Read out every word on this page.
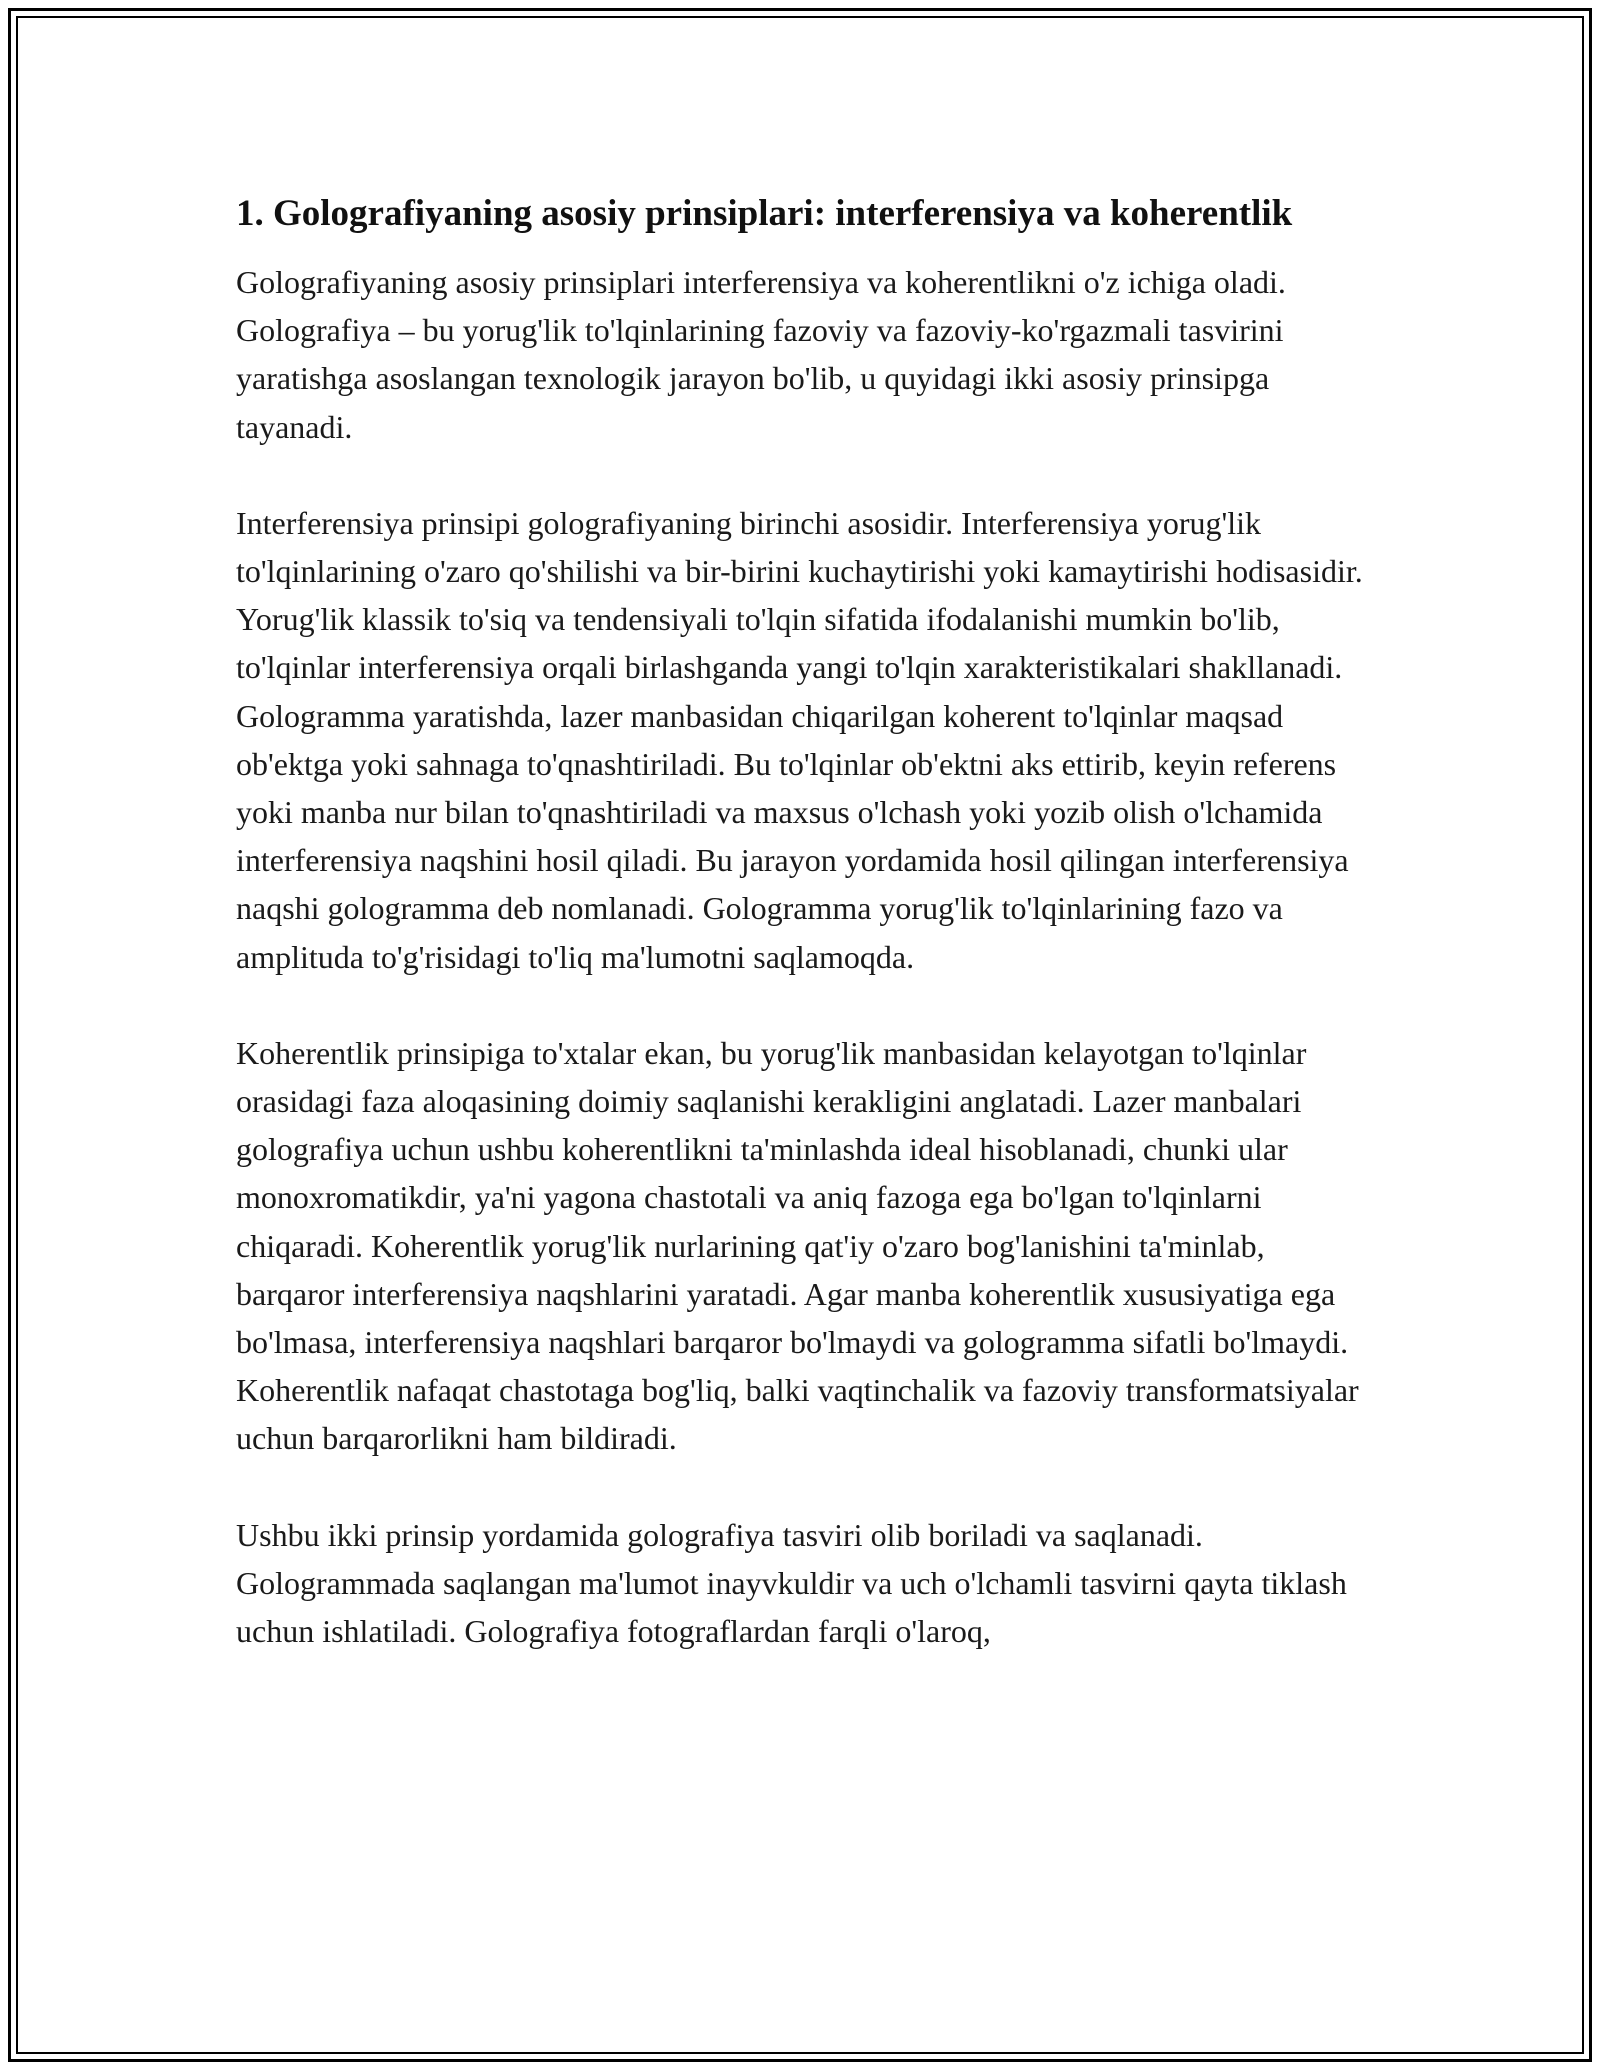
1. Golografiyaning asosiy prinsiplari: interferensiya va koherentlik

Golografiyaning asosiy prinsiplari interferensiya va koherentlikni o'z ichiga oladi. Golografiya – bu yorug'lik to'lqinlarining fazoviy va fazoviy-ko'rgazmali tasvirini yaratishga asoslangan texnologik jarayon bo'lib, u quyidagi ikki asosiy prinsipga tayanadi.

Interferensiya prinsipi golografiyaning birinchi asosidir. Interferensiya yorug'lik to'lqinlarining o'zaro qo'shilishi va bir-birini kuchaytirishi yoki kamaytirishi hodisasidir. Yorug'lik klassik to'siq va tendensiyali to'lqin sifatida ifodalanishi mumkin bo'lib, to'lqinlar interferensiya orqali birlashganda yangi to'lqin xarakteristikalari shakllanadi. Gologramma yaratishda, lazer manbasidan chiqarilgan koherent to'lqinlar maqsad ob'ektga yoki sahnaga to'qnashtiriladi. Bu to'lqinlar ob'ektni aks ettirib, keyin referens yoki manba nur bilan to'qnashtiriladi va maxsus o'lchash yoki yozib olish o'lchamida interferensiya naqshini hosil qiladi. Bu jarayon yordamida hosil qilingan interferensiya naqshi gologramma deb nomlanadi. Gologramma yorug'lik to'lqinlarining fazo va amplituda to'g'risidagi to'liq ma'lumotni saqlamoqda.

Koherentlik prinsipiga to'xtalar ekan, bu yorug'lik manbasidan kelayotgan to'lqinlar orasidagi faza aloqasining doimiy saqlanishi kerakligini anglatadi. Lazer manbalari golografiya uchun ushbu koherentlikni ta'minlashda ideal hisoblanadi, chunki ular monoxromatikdir, ya'ni yagona chastotali va aniq fazoga ega bo'lgan to'lqinlarni chiqaradi. Koherentlik yorug'lik nurlarining qat'iy o'zaro bog'lanishini ta'minlab, barqaror interferensiya naqshlarini yaratadi. Agar manba koherentlik xususiyatiga ega bo'lmasa, interferensiya naqshlari barqaror bo'lmaydi va gologramma sifatli bo'lmaydi. Koherentlik nafaqat chastotaga bog'liq, balki vaqtinchalik va fazoviy transformatsiyalar uchun barqarorlikni ham bildiradi.

Ushbu ikki prinsip yordamida golografiya tasviri olib boriladi va saqlanadi. Gologrammada saqlangan ma'lumot inayvkuldir va uch o'lchamli tasvirni qayta tiklash uchun ishlatiladi. Golografiya fotograflardan farqli o'laroq,
